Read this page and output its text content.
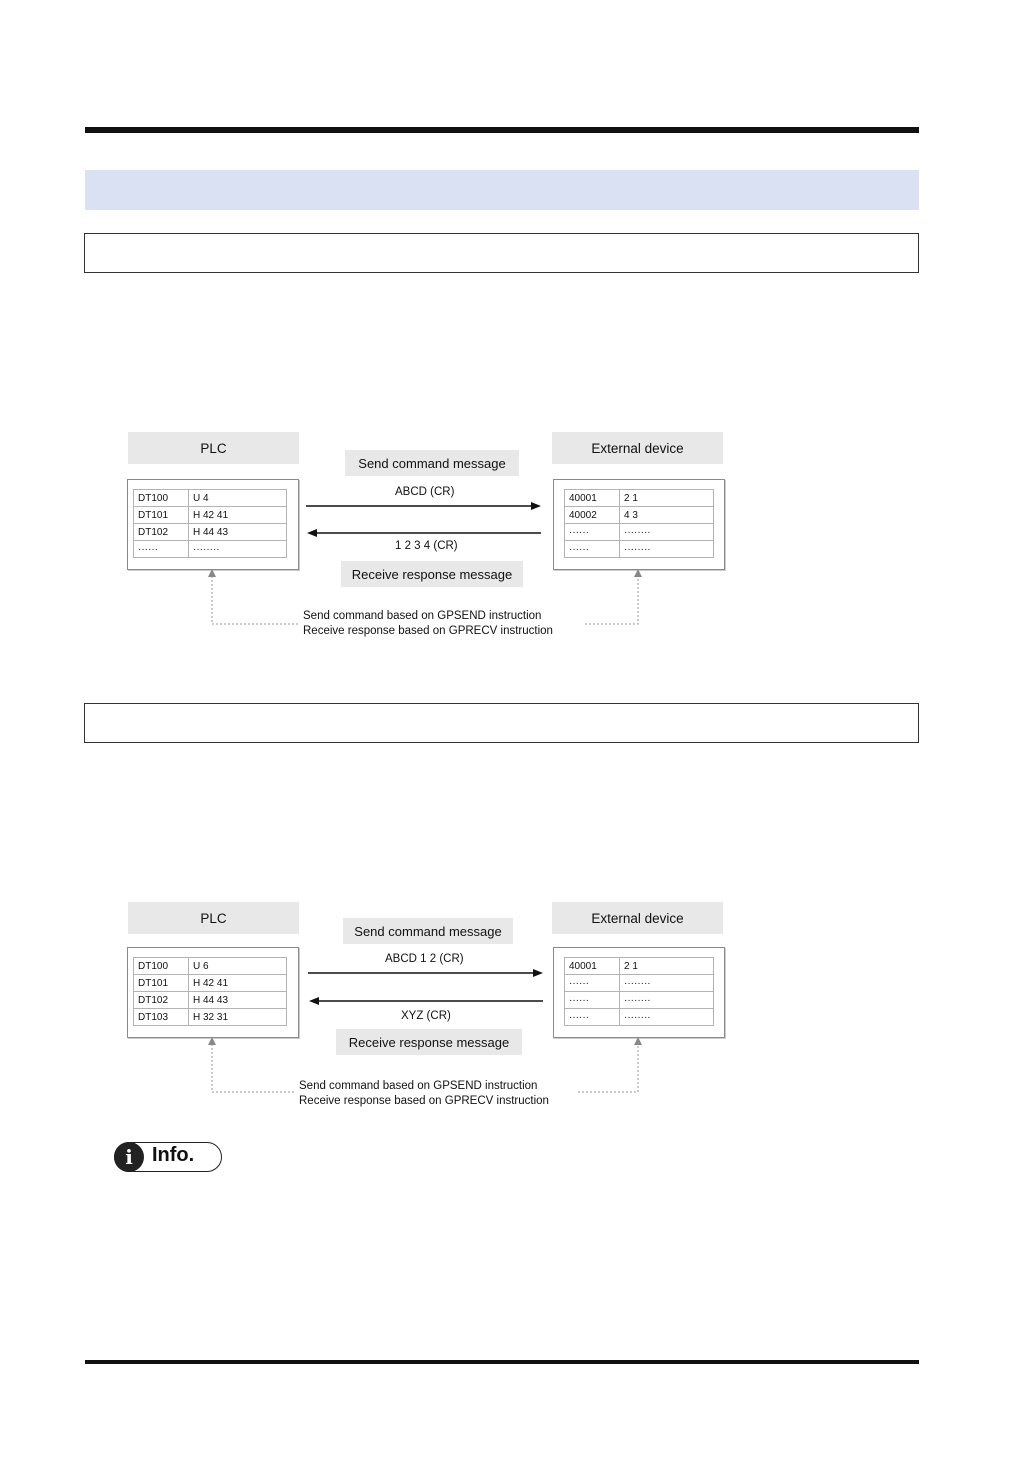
PLC	External device
DT100	U 4
DT101	H 42 41
DT102	H 44 43
······	········
40001	2 1
40002	4 3
······	········
······	········
Send command message
ABCD (CR)
1 2 3 4 (CR)
Receive response message
Send command based on GPSEND instruction
Receive response based on GPRECV instruction
PLC	External device
DT100	U 6
DT101	H 42 41
DT102	H 44 43
DT103	H 32 31
40001	2 1
······	········
······	········
······	········
Send command message
ABCD 1 2 (CR)
XYZ (CR)
Receive response message
Send command based on GPSEND instruction
Receive response based on GPRECV instruction
i Info.
